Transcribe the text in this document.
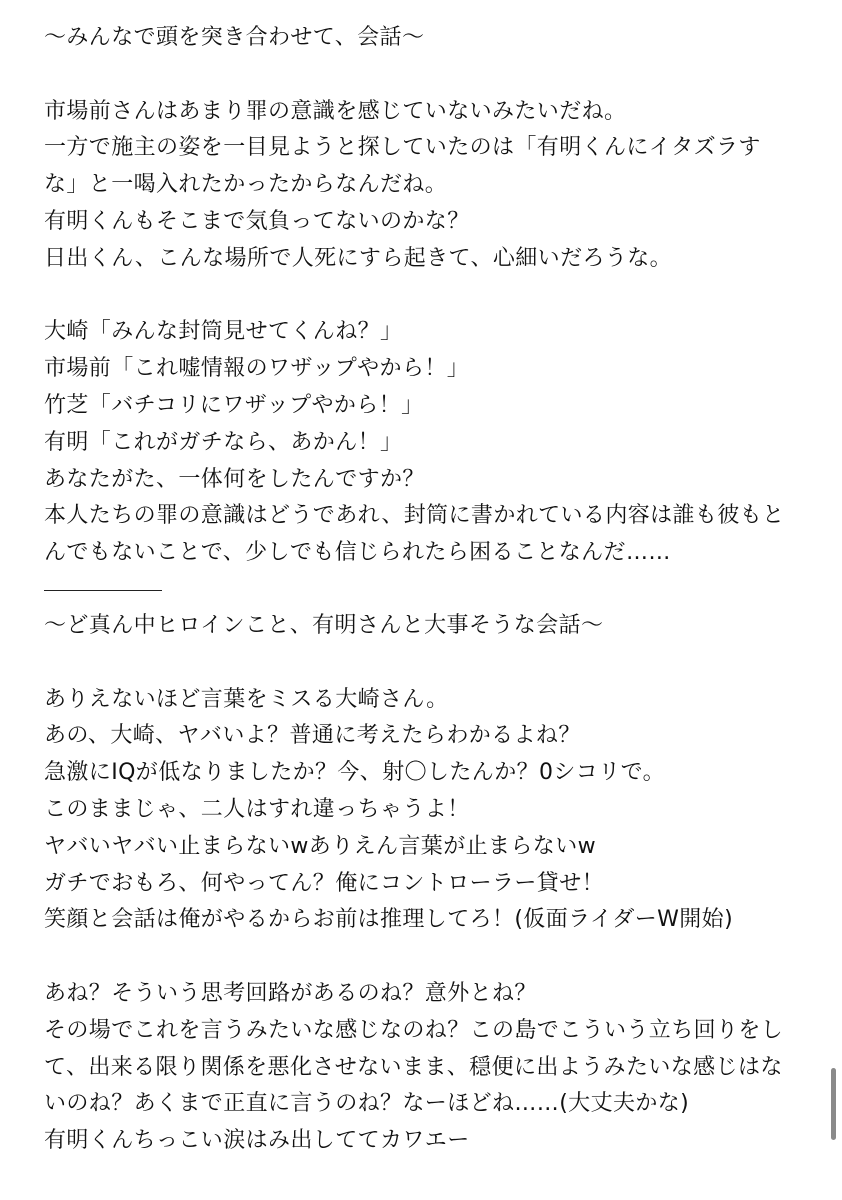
〜みんなで頭を突き合わせて、会話〜
市場前さんはあまり罪の意識を感じていないみたいだね。
一方で施主の姿を一目見ようと探していたのは「有明くんにイタズラす
な」と一喝入れたかったからなんだね。
有明くんもそこまで気負ってないのかな？
日出くん、こんな場所で人死にすら起きて、心細いだろうな。
大崎「みんな封筒見せてくんね？」
市場前「これ嘘情報のワザップやから！」
竹芝「バチコリにワザップやから！」
有明「これがガチなら、あかん！」
あなたがた、一体何をしたんですか？
本人たちの罪の意識はどうであれ、封筒に書かれている内容は誰も彼もと
んでもないことで、少しでも信じられたら困ることなんだ……
〜ど真ん中ヒロインこと、有明さんと大事そうな会話〜
ありえないほど言葉をミスる大崎さん。
あの、大崎、ヤバいよ？普通に考えたらわかるよね？
急激にIQが低なりましたか？今、射〇したんか？0シコリで。
このままじゃ、二人はすれ違っちゃうよ！
ヤバいヤバい止まらないwありえん言葉が止まらないw
ガチでおもろ、何やってん？俺にコントローラー貸せ！
笑顔と会話は俺がやるからお前は推理してろ！(仮面ライダーW開始)
あね？そういう思考回路があるのね？意外とね？
その場でこれを言うみたいな感じなのね？この島でこういう立ち回りをし
て、出来る限り関係を悪化させないまま、穏便に出ようみたいな感じはな
いのね？あくまで正直に言うのね？なーほどね……(大丈夫かな)
有明くんちっこい涙はみ出しててカワエー
